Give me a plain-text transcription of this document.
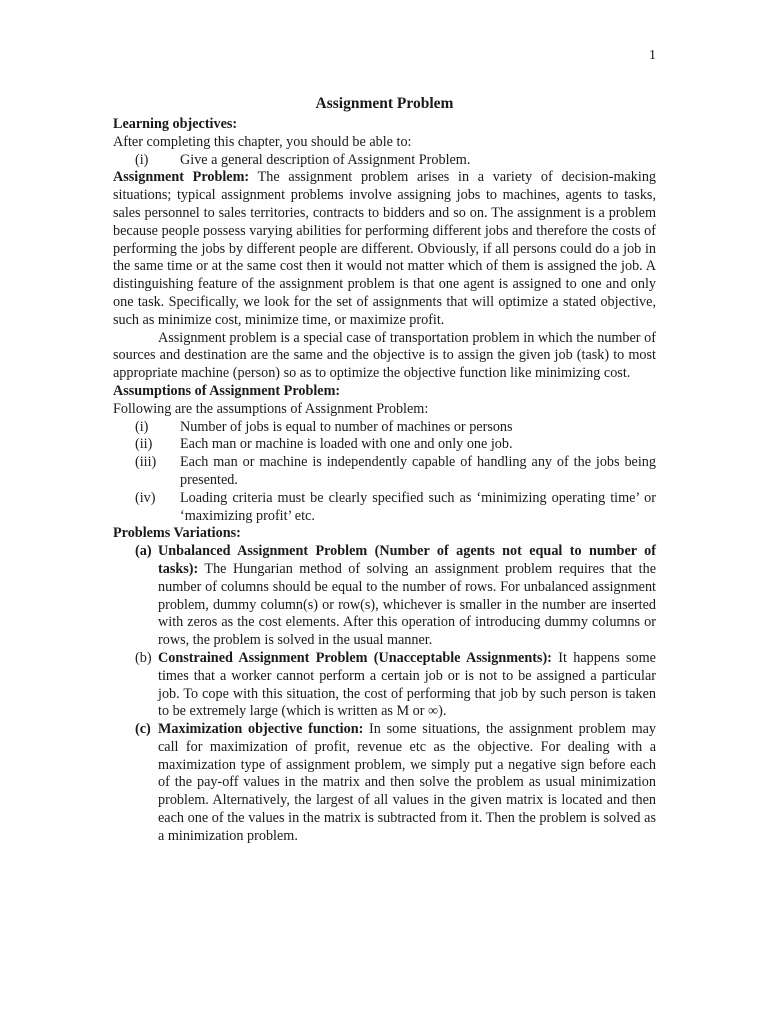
1
Assignment Problem
Learning objectives:
After completing this chapter, you should be able to:
(i) Give a general description of Assignment Problem.

Assignment Problem: The assignment problem arises in a variety of decision-making situations; typical assignment problems involve assigning jobs to machines, agents to tasks, sales personnel to sales territories, contracts to bidders and so on. The assignment is a problem because people possess varying abilities for performing different jobs and therefore the costs of performing the jobs by different people are different. Obviously, if all persons could do a job in the same time or at the same cost then it would not matter which of them is assigned the job. A distinguishing feature of the assignment problem is that one agent is assigned to one and only one task. Specifically, we look for the set of assignments that will optimize a stated objective, such as minimize cost, minimize time, or maximize profit.

Assignment problem is a special case of transportation problem in which the number of sources and destination are the same and the objective is to assign the given job (task) to most appropriate machine (person) so as to optimize the objective function like minimizing cost.

Assumptions of Assignment Problem:
Following are the assumptions of Assignment Problem:
(i) Number of jobs is equal to number of machines or persons
(ii) Each man or machine is loaded with one and only one job.
(iii) Each man or machine is independently capable of handling any of the jobs being presented.
(iv) Loading criteria must be clearly specified such as ‘minimizing operating time’ or ‘maximizing profit’ etc.
Problems Variations:
(a) Unbalanced Assignment Problem (Number of agents not equal to number of tasks): The Hungarian method of solving an assignment problem requires that the number of columns should be equal to the number of rows. For unbalanced assignment problem, dummy column(s) or row(s), whichever is smaller in the number are inserted with zeros as the cost elements. After this operation of introducing dummy columns or rows, the problem is solved in the usual manner.
(b) Constrained Assignment Problem (Unacceptable Assignments): It happens some times that a worker cannot perform a certain job or is not to be assigned a particular job. To cope with this situation, the cost of performing that job by such person is taken to be extremely large (which is written as M or ∞).
(c) Maximization objective function: In some situations, the assignment problem may call for maximization of profit, revenue etc as the objective. For dealing with a maximization type of assignment problem, we simply put a negative sign before each of the pay-off values in the matrix and then solve the problem as usual minimization problem. Alternatively, the largest of all values in the given matrix is located and then each one of the values in the matrix is subtracted from it. Then the problem is solved as a minimization problem.
